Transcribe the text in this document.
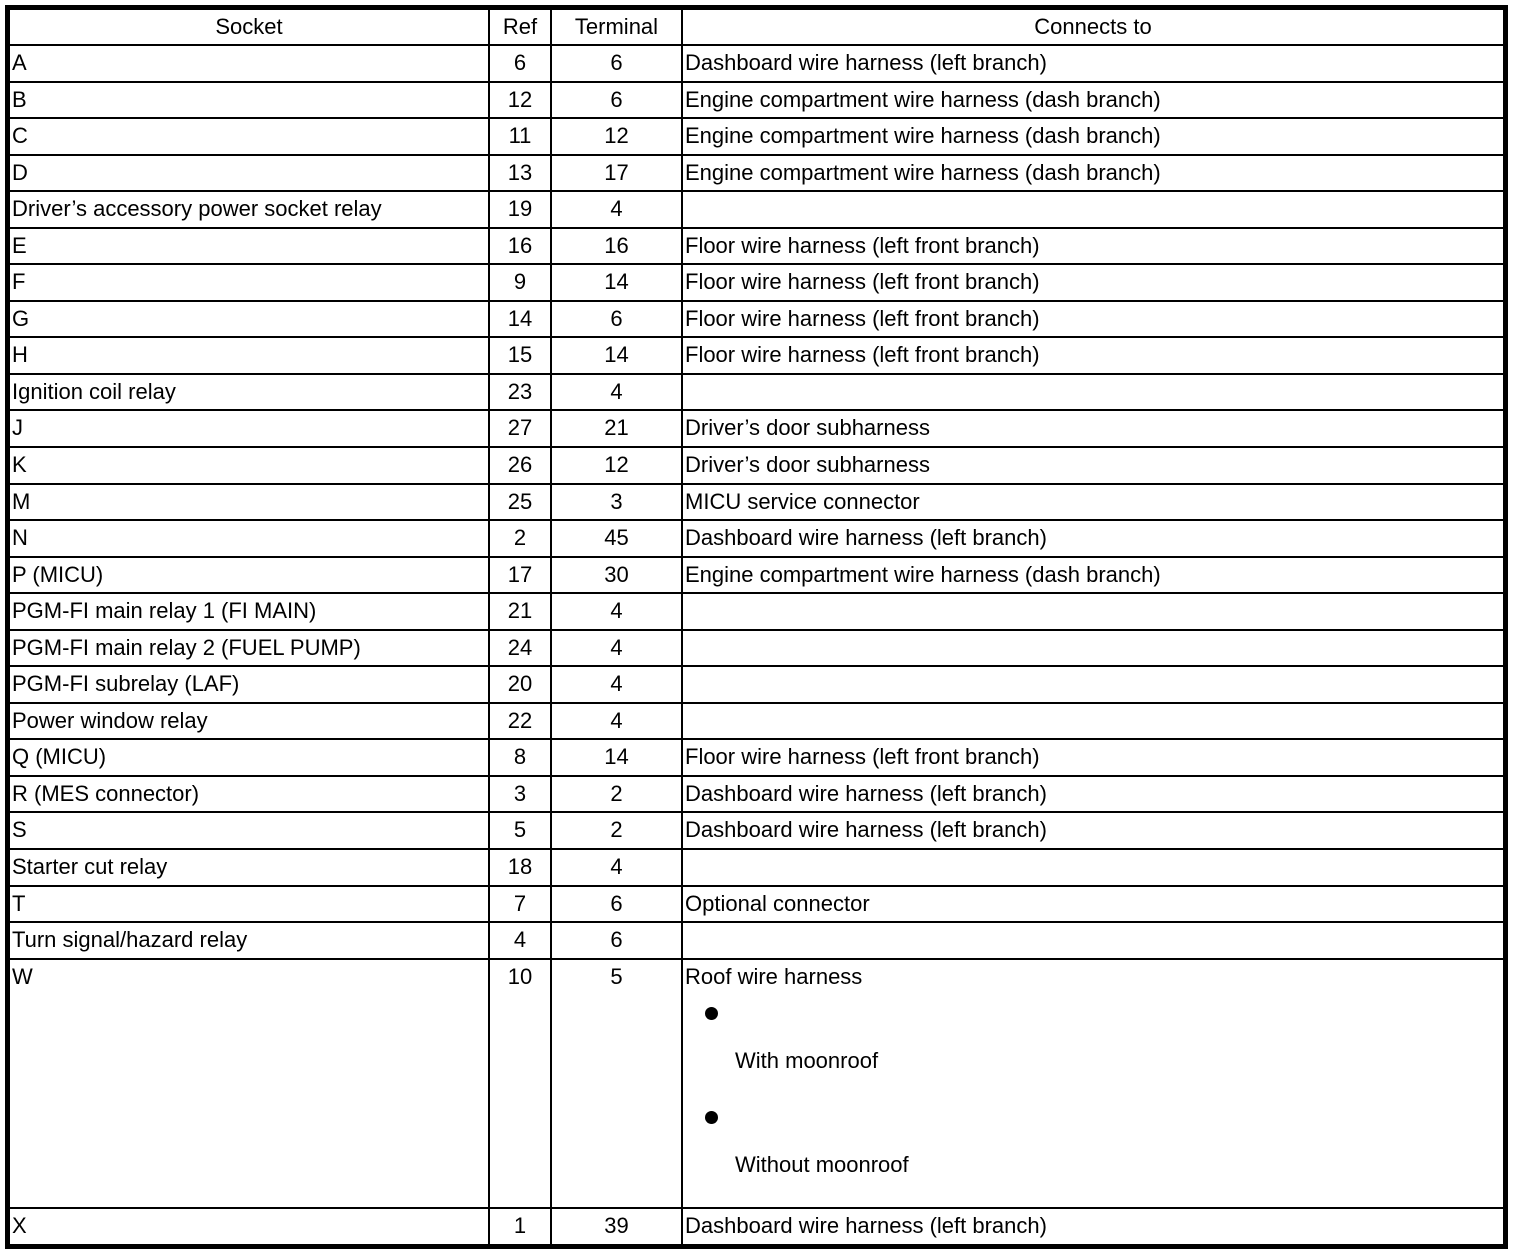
Socket	Ref	Terminal	Connects to
A	6	6	Dashboard wire harness (left branch)
B	12	6	Engine compartment wire harness (dash branch)
C	11	12	Engine compartment wire harness (dash branch)
D	13	17	Engine compartment wire harness (dash branch)
Driver’s accessory power socket relay	19	4	
E	16	16	Floor wire harness (left front branch)
F	9	14	Floor wire harness (left front branch)
G	14	6	Floor wire harness (left front branch)
H	15	14	Floor wire harness (left front branch)
Ignition coil relay	23	4	
J	27	21	Driver’s door subharness
K	26	12	Driver’s door subharness
M	25	3	MICU service connector
N	2	45	Dashboard wire harness (left branch)
P (MICU)	17	30	Engine compartment wire harness (dash branch)
PGM-FI main relay 1 (FI MAIN)	21	4	
PGM-FI main relay 2 (FUEL PUMP)	24	4	
PGM-FI subrelay (LAF)	20	4	
Power window relay	22	4	
Q (MICU)	8	14	Floor wire harness (left front branch)
R (MES connector)	3	2	Dashboard wire harness (left branch)
S	5	2	Dashboard wire harness (left branch)
Starter cut relay	18	4	
T	7	6	Optional connector
Turn signal/hazard relay	4	6	
W	10	5	Roof wire harness
With moonroof
Without moonroof

X	1	39	Dashboard wire harness (left branch)
